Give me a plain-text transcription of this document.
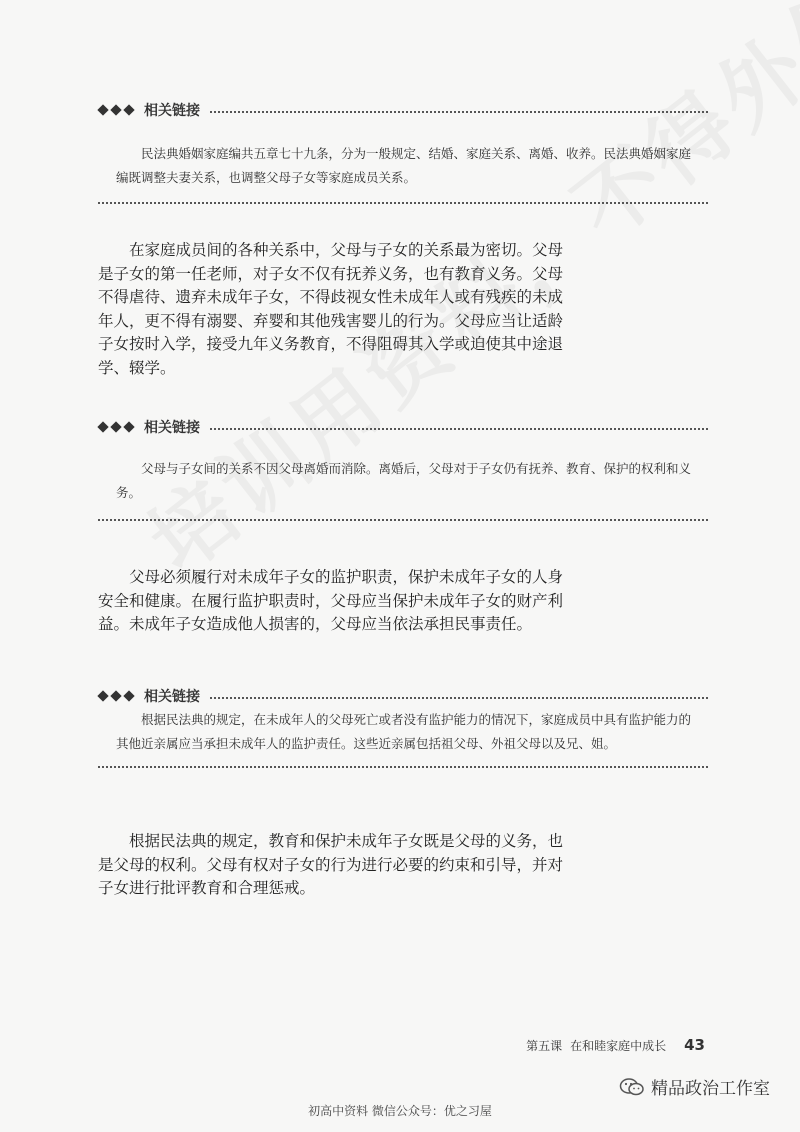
相关链接
民法典婚姻家庭编共五章七十九条，分为一般规定、结婚、家庭关系、离婚、收养。民法典婚姻家庭编既调整夫妻关系，也调整父母子女等家庭成员关系。

在家庭成员间的各种关系中，父母与子女的关系最为密切。父母是子女的第一任老师，对子女不仅有抚养义务，也有教育义务。父母不得虐待、遗弃未成年子女，不得歧视女性未成年人或有残疾的未成年人，更不得有溺婴、弃婴和其他残害婴儿的行为。父母应当让适龄子女按时入学，接受九年义务教育，不得阻碍其入学或迫使其中途退学、辍学。

相关链接
父母与子女间的关系不因父母离婚而消除。离婚后，父母对于子女仍有抚养、教育、保护的权利和义务。

父母必须履行对未成年子女的监护职责，保护未成年子女的人身安全和健康。在履行监护职责时，父母应当保护未成年子女的财产利益。未成年子女造成他人损害的，父母应当依法承担民事责任。

相关链接
根据民法典的规定，在未成年人的父母死亡或者没有监护能力的情况下，家庭成员中具有监护能力的其他近亲属应当承担未成年人的监护责任。这些近亲属包括祖父母、外祖父母以及兄、姐。

根据民法典的规定，教育和保护未成年子女既是父母的义务，也是父母的权利。父母有权对子女的行为进行必要的约束和引导，并对子女进行批评教育和合理惩戒。

第五课 在和睦家庭中成长 43
精品政治工作室
初高中资料 微信公众号：优之习屋
